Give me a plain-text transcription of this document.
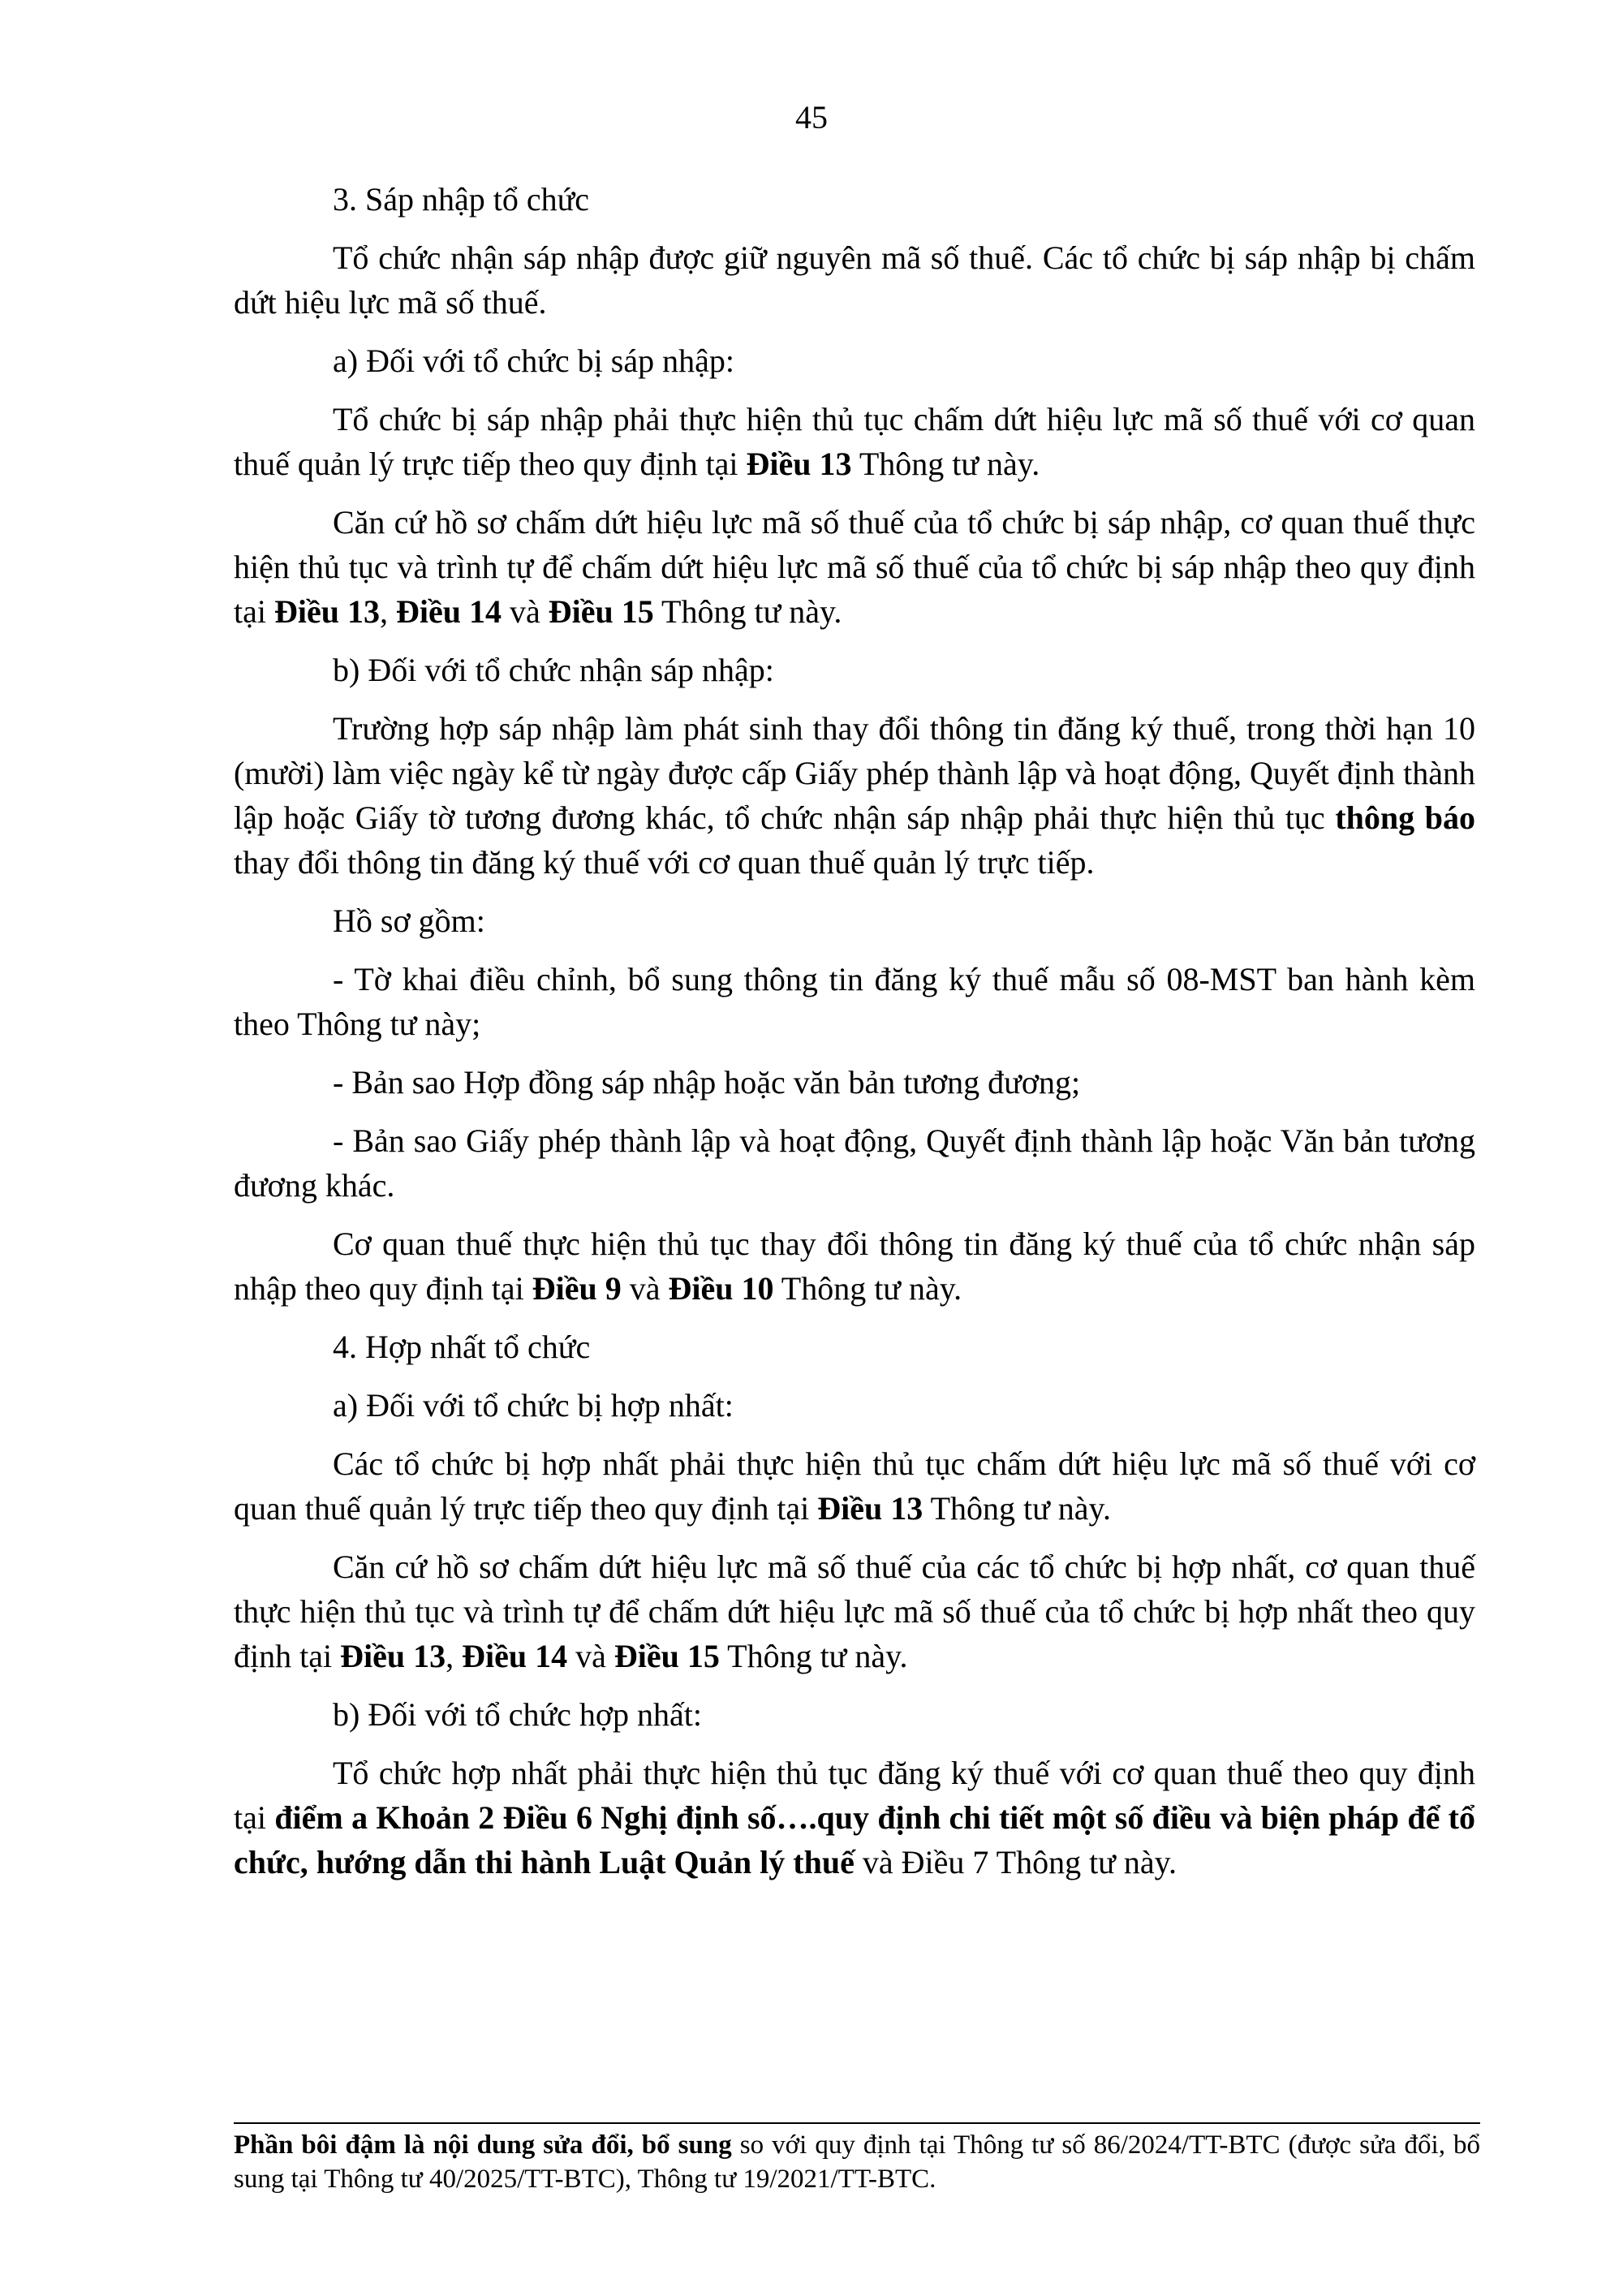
45

3. Sáp nhập tổ chức

Tổ chức nhận sáp nhập được giữ nguyên mã số thuế. Các tổ chức bị sáp nhập bị chấm dứt hiệu lực mã số thuế.

a) Đối với tổ chức bị sáp nhập:

Tổ chức bị sáp nhập phải thực hiện thủ tục chấm dứt hiệu lực mã số thuế với cơ quan thuế quản lý trực tiếp theo quy định tại Điều 13 Thông tư này.

Căn cứ hồ sơ chấm dứt hiệu lực mã số thuế của tổ chức bị sáp nhập, cơ quan thuế thực hiện thủ tục và trình tự để chấm dứt hiệu lực mã số thuế của tổ chức bị sáp nhập theo quy định tại Điều 13, Điều 14 và Điều 15 Thông tư này.

b) Đối với tổ chức nhận sáp nhập:

Trường hợp sáp nhập làm phát sinh thay đổi thông tin đăng ký thuế, trong thời hạn 10 (mười) làm việc ngày kể từ ngày được cấp Giấy phép thành lập và hoạt động, Quyết định thành lập hoặc Giấy tờ tương đương khác, tổ chức nhận sáp nhập phải thực hiện thủ tục thông báo thay đổi thông tin đăng ký thuế với cơ quan thuế quản lý trực tiếp.

Hồ sơ gồm:

- Tờ khai điều chỉnh, bổ sung thông tin đăng ký thuế mẫu số 08-MST ban hành kèm theo Thông tư này;

- Bản sao Hợp đồng sáp nhập hoặc văn bản tương đương;

- Bản sao Giấy phép thành lập và hoạt động, Quyết định thành lập hoặc Văn bản tương đương khác.

Cơ quan thuế thực hiện thủ tục thay đổi thông tin đăng ký thuế của tổ chức nhận sáp nhập theo quy định tại Điều 9 và Điều 10 Thông tư này.

4. Hợp nhất tổ chức

a) Đối với tổ chức bị hợp nhất:

Các tổ chức bị hợp nhất phải thực hiện thủ tục chấm dứt hiệu lực mã số thuế với cơ quan thuế quản lý trực tiếp theo quy định tại Điều 13 Thông tư này.

Căn cứ hồ sơ chấm dứt hiệu lực mã số thuế của các tổ chức bị hợp nhất, cơ quan thuế thực hiện thủ tục và trình tự để chấm dứt hiệu lực mã số thuế của tổ chức bị hợp nhất theo quy định tại Điều 13, Điều 14 và Điều 15 Thông tư này.

b) Đối với tổ chức hợp nhất:

Tổ chức hợp nhất phải thực hiện thủ tục đăng ký thuế với cơ quan thuế theo quy định tại điểm a Khoản 2 Điều 6 Nghị định số….quy định chi tiết một số điều và biện pháp để tổ chức, hướng dẫn thi hành Luật Quản lý thuế và Điều 7 Thông tư này.

Phần bôi đậm là nội dung sửa đổi, bổ sung so với quy định tại Thông tư số 86/2024/TT-BTC (được sửa đổi, bổ sung tại Thông tư 40/2025/TT-BTC), Thông tư 19/2021/TT-BTC.
